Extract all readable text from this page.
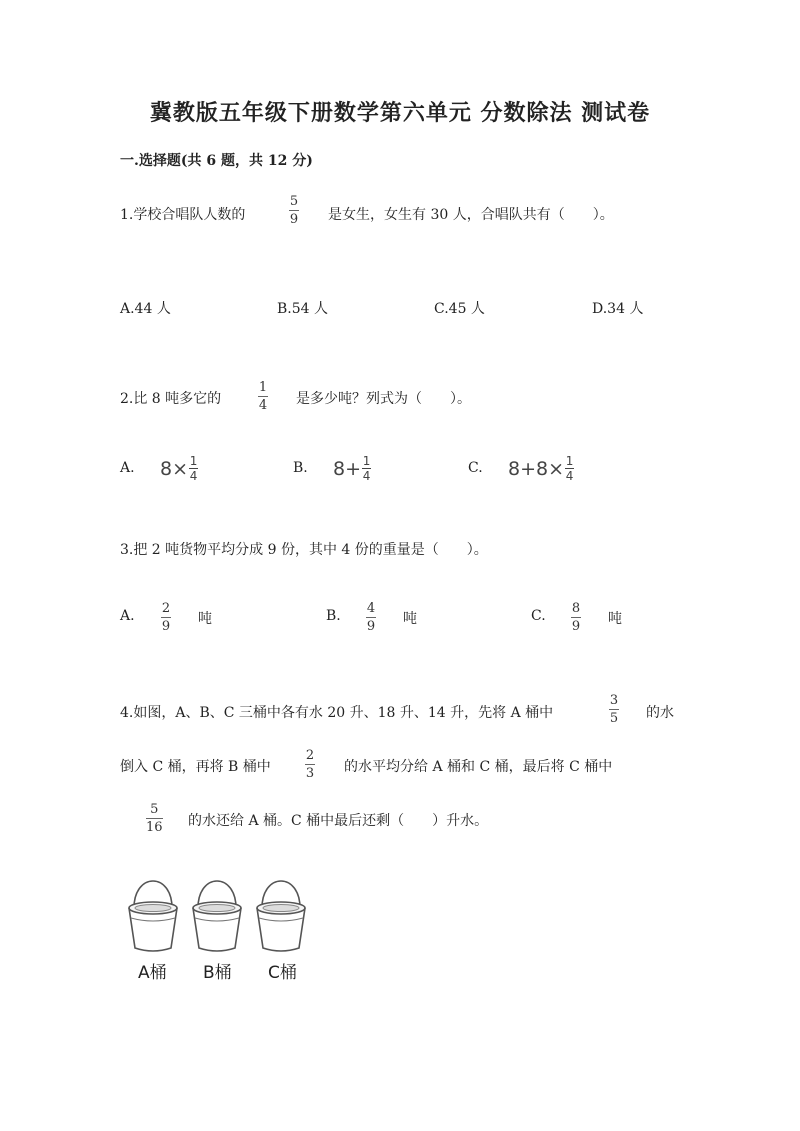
冀教版五年级下册数学第六单元 分数除法 测试卷
一.选择题(共 6 题，共 12 分)
1.学校合唱队人数的
5
9 是女生，女生有 30 人，合唱队共有（　　）。
A.44 人	B.54 人	C.45 人	D.34 人
2.比 8 吨多它的
1
4 是多少吨？列式为（　　）。
A. 8 × 1
4	B. 8 + 1
4	C. 8+8 × 1
4
3.把 2 吨货物平均分成 9 份，其中 4 份的重量是（　　）。
A. 2
9 吨	B. 4
9 吨	C. 8
9 吨
4.如图，A、B、C 三桶中各有水 20 升、18 升、14 升，先将 A 桶中
3
5 的水
倒入 C 桶，再将 B 桶中
2
3 的水平均分给 A 桶和 C 桶，最后将 C 桶中
5
16 的水还给 A 桶。C 桶中最后还剩（　　）升水。
A桶 B桶 C桶
